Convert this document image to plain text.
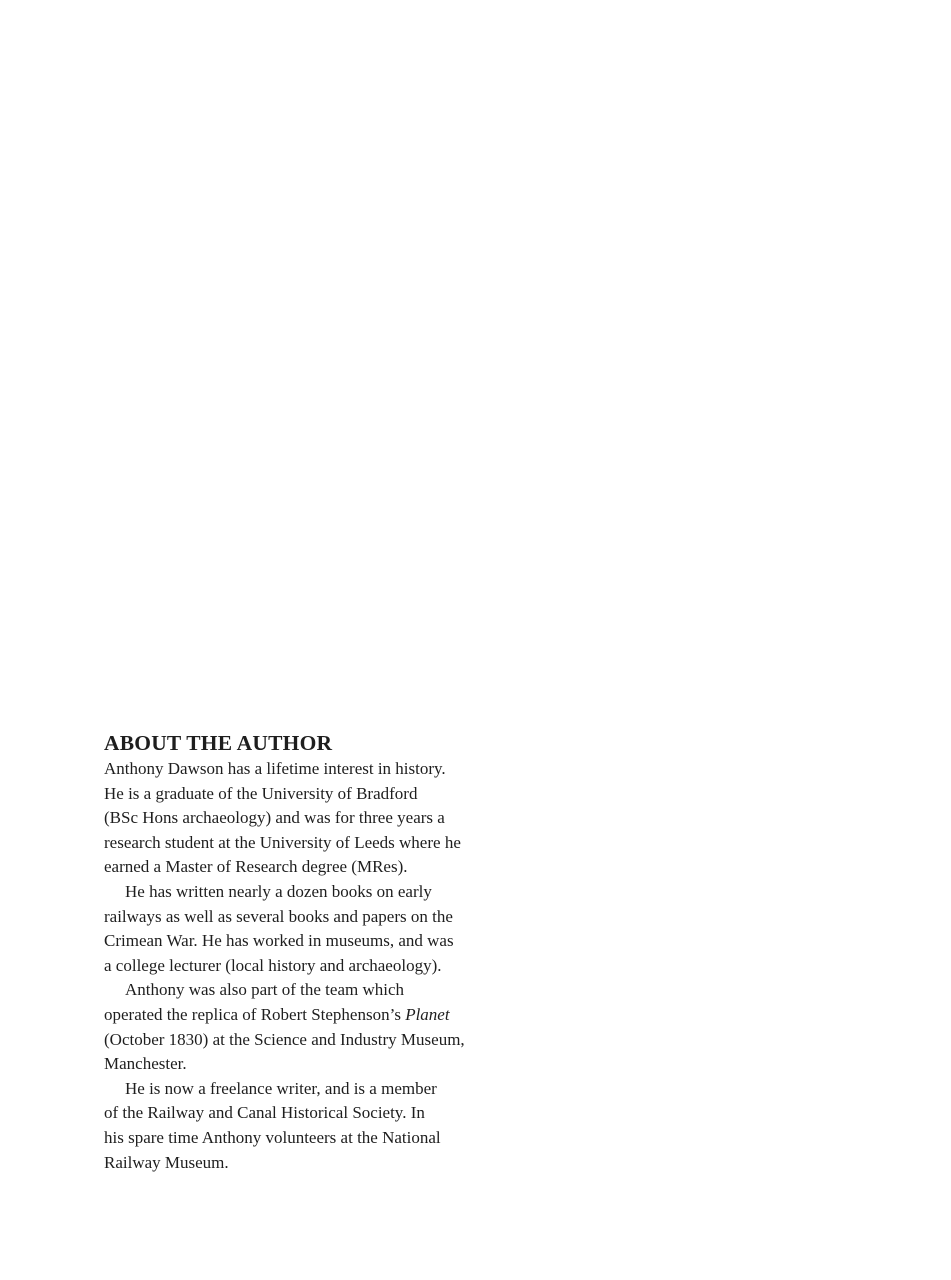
ABOUT THE AUTHOR
Anthony Dawson has a lifetime interest in history.
He is a graduate of the University of Bradford
(BSc Hons archaeology) and was for three years a
research student at the University of Leeds where he
earned a Master of Research degree (MRes).
He has written nearly a dozen books on early
railways as well as several books and papers on the
Crimean War. He has worked in museums, and was
a college lecturer (local history and archaeology).
Anthony was also part of the team which
operated the replica of Robert Stephenson’s Planet
(October 1830) at the Science and Industry Museum,
Manchester.
He is now a freelance writer, and is a member
of the Railway and Canal Historical Society. In
his spare time Anthony volunteers at the National
Railway Museum.
